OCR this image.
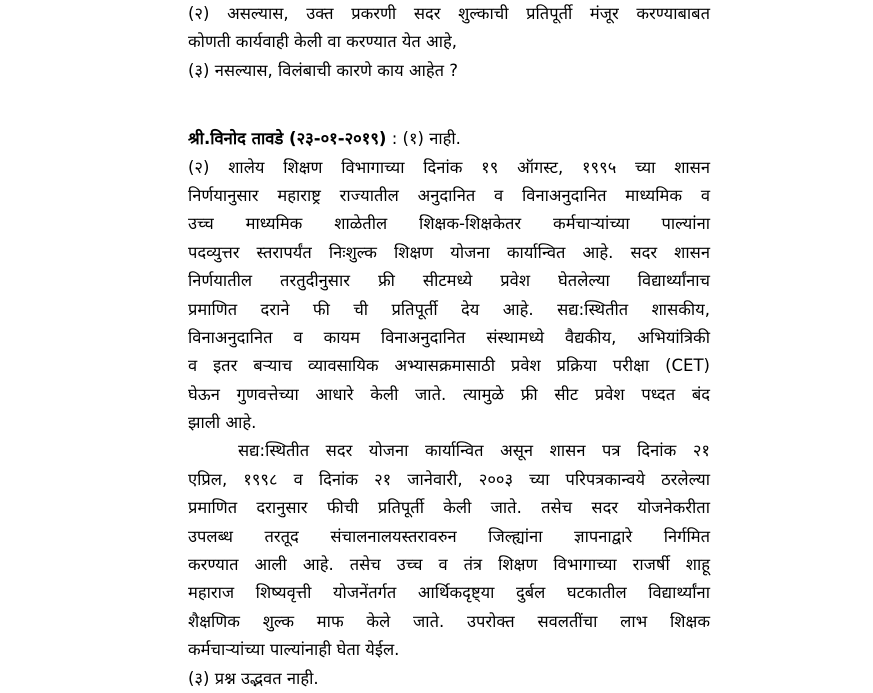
(२) असल्यास, उक्त प्रकरणी सदर शुल्काची प्रतिपूर्ती मंजूर करण्याबाबत
कोणती कार्यवाही केली वा करण्यात येत आहे,
(३) नसल्यास, विलंबाची कारणे काय आहेत ?
श्री.विनोद तावडे (२३-०१-२०१९) : (१) नाही.
(२) शालेय शिक्षण विभागाच्या दिनांक १९ ऑगस्ट, १९९५ च्या शासन
निर्णयानुसार महाराष्ट्र राज्यातील अनुदानित व विनाअनुदानित माध्यमिक व
उच्च माध्यमिक शाळेतील शिक्षक-शिक्षकेतर कर्मचाऱ्यांच्या पाल्यांना
पदव्युत्तर स्तरापर्यंत निःशुल्क शिक्षण योजना कार्यान्वित आहे. सदर शासन
निर्णयातील तरतुदीनुसार फ्री सीटमध्ये प्रवेश घेतलेल्या विद्यार्थ्यांनाच
प्रमाणित दराने फी ची प्रतिपूर्ती देय आहे. सद्य:स्थितीत शासकीय,
विनाअनुदानित व कायम विनाअनुदानित संस्थामध्ये वैद्यकीय, अभियांत्रिकी
व इतर बऱ्याच व्यावसायिक अभ्यासक्रमासाठी प्रवेश प्रक्रिया परीक्षा (CET)
घेऊन गुणवत्तेच्या आधारे केली जाते. त्यामुळे फ्री सीट प्रवेश पध्दत बंद
झाली आहे.
सद्य:स्थितीत सदर योजना कार्यान्वित असून शासन पत्र दिनांक २१
एप्रिल, १९९८ व दिनांक २१ जानेवारी, २००३ च्या परिपत्रकान्वये ठरलेल्या
प्रमाणित दरानुसार फीची प्रतिपूर्ती केली जाते. तसेच सदर योजनेकरीता
उपलब्ध तरतूद संचालनालयस्तरावरुन जिल्ह्यांना ज्ञापनाद्वारे निर्गमित
करण्यात आली आहे. तसेच उच्च व तंत्र शिक्षण विभागाच्या राजर्षी शाहू
महाराज शिष्यवृत्ती योजनेंतर्गत आर्थिकदृष्ट्या दुर्बल घटकातील विद्यार्थ्यांना
शैक्षणिक शुल्क माफ केले जाते. उपरोक्त सवलतींचा लाभ शिक्षक
कर्मचाऱ्यांच्या पाल्यांनाही घेता येईल.
(३) प्रश्न उद्भवत नाही.
